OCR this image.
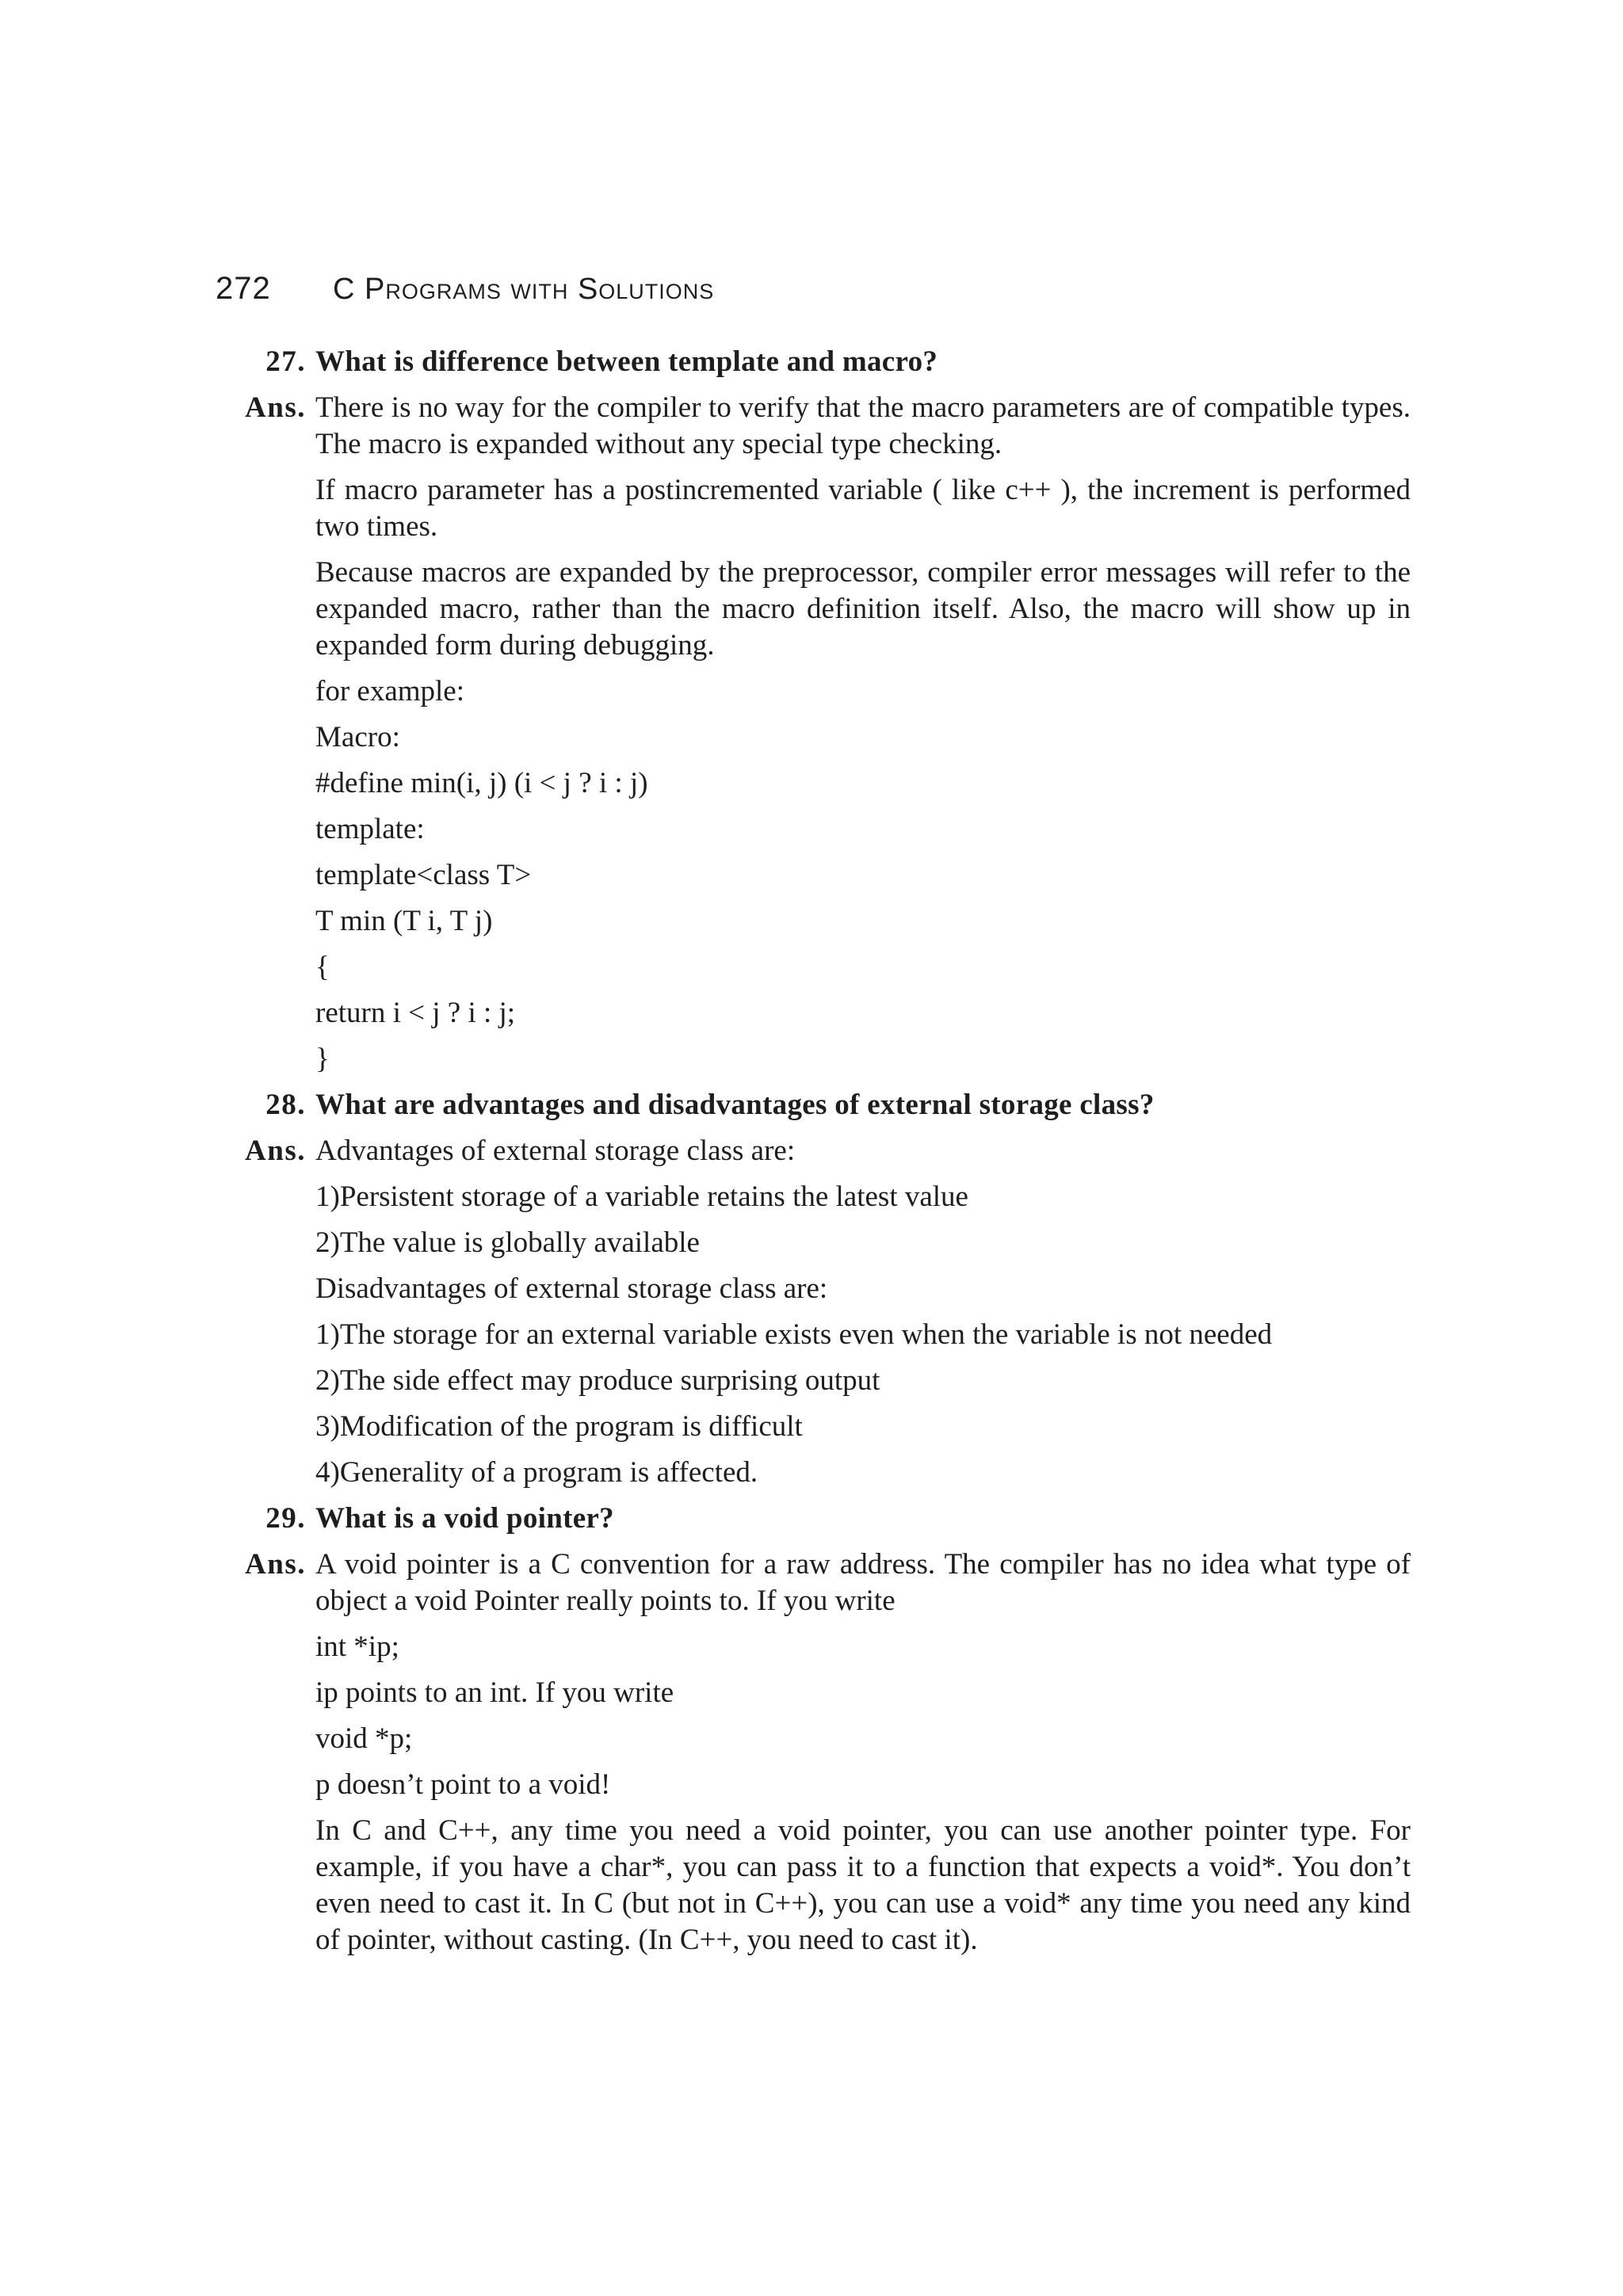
272	C Programs with Solutions
27. What is difference between template and macro?
Ans. There is no way for the compiler to verify that the macro parameters are of compatible types. The macro is expanded without any special type checking.

If macro parameter has a postincremented variable ( like c++ ), the increment is performed two times.

Because macros are expanded by the preprocessor, compiler error messages will refer to the expanded macro, rather than the macro definition itself. Also, the macro will show up in expanded form during debugging.

for example:

Macro:

#define min(i, j) (i < j ? i : j)

template:

template<class T>

T min (T i, T j)

{

return i < j ? i : j;

}

28. What are advantages and disadvantages of external storage class?
Ans. Advantages of external storage class are:

1)Persistent storage of a variable retains the latest value

2)The value is globally available

Disadvantages of external storage class are:

1)The storage for an external variable exists even when the variable is not needed

2)The side effect may produce surprising output

3)Modification of the program is difficult

4)Generality of a program is affected.

29. What is a void pointer?
Ans. A void pointer is a C convention for a raw address. The compiler has no idea what type of object a void Pointer really points to. If you write

int *ip;

ip points to an int. If you write

void *p;

p doesn’t point to a void!

In C and C++, any time you need a void pointer, you can use another pointer type. For example, if you have a char*, you can pass it to a function that expects a void*. You don’t even need to cast it. In C (but not in C++), you can use a void* any time you need any kind of pointer, without casting. (In C++, you need to cast it).
